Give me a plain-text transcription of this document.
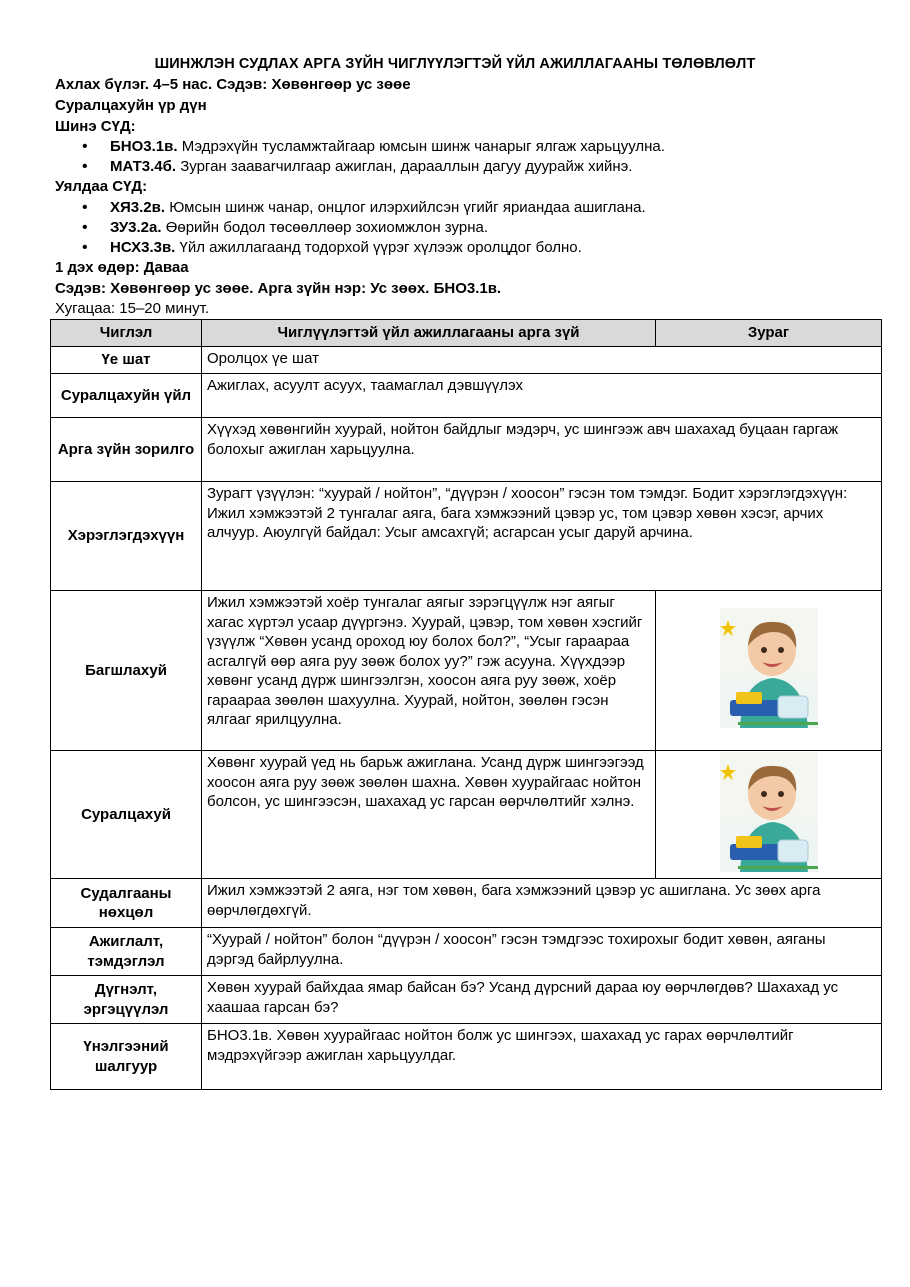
ШИНЖЛЭН СУДЛАХ АРГА ЗҮЙН ЧИГЛҮҮЛЭГТЭЙ ҮЙЛ АЖИЛЛАГААНЫ ТӨЛӨВЛӨЛТ
Ахлах бүлэг. 4–5 нас. Сэдэв: Хөвөнгөөр ус зөөе
Суралцахуйн үр дүн
Шинэ СҮД:
• БНО3.1в. Мэдрэхүйн тусламжтайгаар юмсын шинж чанарыг ялгаж харьцуулна.
• МАТ3.4б. Зурган заавarчилгаар ажиглан, дарааллын дагуу дуурайж хийнэ.
Уялдаа СҮД:
• ХЯ3.2в. Юмсын шинж чанар, онцлог илэрхийлсэн үгийг яриандаа ашиглана.
• ЗУ3.2а. Өөрийн бодол төсөөллөөр зохиомжлон зурна.
• НСХ3.3в. Үйл ажиллагаанд тодорхой үүрэг хүлээж оролцдог болно.
1 дэх өдөр: Даваа
Сэдэв: Хөвөнгөөр ус зөөе. Арга зүйн нэр: Ус зөөх. БНО3.1в.
Хугацаа: 15–20 минут.
Чиглэл	Чиглүүлэгтэй үйл ажиллагааны арга зүй	Зураг
Үе шат	Оролцох үе шат	
Суралцахуйн үйл	Ажиглах, асуулт асуух, таамаглал дэвшүүлэх	
Арга зүйн зорилго	Хүүхэд хөвөнгийн хуурай, нойтон байдлыг мэдэрч, ус шингээж авч шахахад буцаан гаргаж болохыг ажиглан харьцуулна.	
Хэрэглэгдэхүүн	Зурагт үзүүлэн: “хуурай / нойтон”, “дүүрэн / хоосон” гэсэн том тэмдэг. Бодит хэрэглэгдэхүүн: Ижил хэмжээтэй 2 тунгалаг аяга, бага хэмжээний цэвэр ус, том цэвэр хөвөн хэсэг, арчих алчуур. Аюулгүй байдал: Усыг амсахгүй; асгарсан усыг даруй арчина.	
Багшлахуй	Ижил хэмжээтэй хоёр тунгалаг аягыг зэрэгцүүлж нэг аягыг хагас хүртэл усаар дүүргэнэ. Хуурай, цэвэр, том хөвөн хэсгийг үзүүлж “Хөвөн усанд ороход юу болох бол?”, “Усыг гараараа асгалгүй өөр аяга руу зөөж болох уу?” гэж асууна. Хүүхдээр хөвөнг усанд дүрж шингээлгэн, хоосон аяга руу зөөж, хоёр гараараа зөөлөн шахуулна. Хуурай, нойтон, зөөлөн гэсэн ялгааг ярилцуулна.	
Суралцахуй	Хөвөнг хуурай үед нь барьж ажиглана. Усанд дүрж шингээгээд хоосон аяга руу зөөж зөөлөн шахна. Хөвөн хуурайгаас нойтон болсон, ус шингээсэн, шахахад ус гарсан өөрчлөлтийг хэлнэ.	
Судалгааны нөхцөл	Ижил хэмжээтэй 2 аяга, нэг том хөвөн, бага хэмжээний цэвэр ус ашиглана. Ус зөөх арга өөрчлөгдөхгүй.	
Ажиглалт, тэмдэглэл	“Хуурай / нойтон” болон “дүүрэн / хоосон” гэсэн тэмдгээс тохирохыг бодит хөвөн, аяганы дэргэд байрлуулна.	
Дүгнэлт, эргэцүүлэл	Хөвөн хуурай байхдаа ямар байсан бэ? Усанд дүрсний дараа юу өөрчлөгдөв? Шахахад ус хаашаа гарсан бэ?	
Үнэлгээний шалгуур	БНО3.1в. Хөвөн хуурайгаас нойтон болж ус шингээх, шахахад ус гарах өөрчлөлтийг мэдрэхүйгээр ажиглан харьцуулдаг.	
